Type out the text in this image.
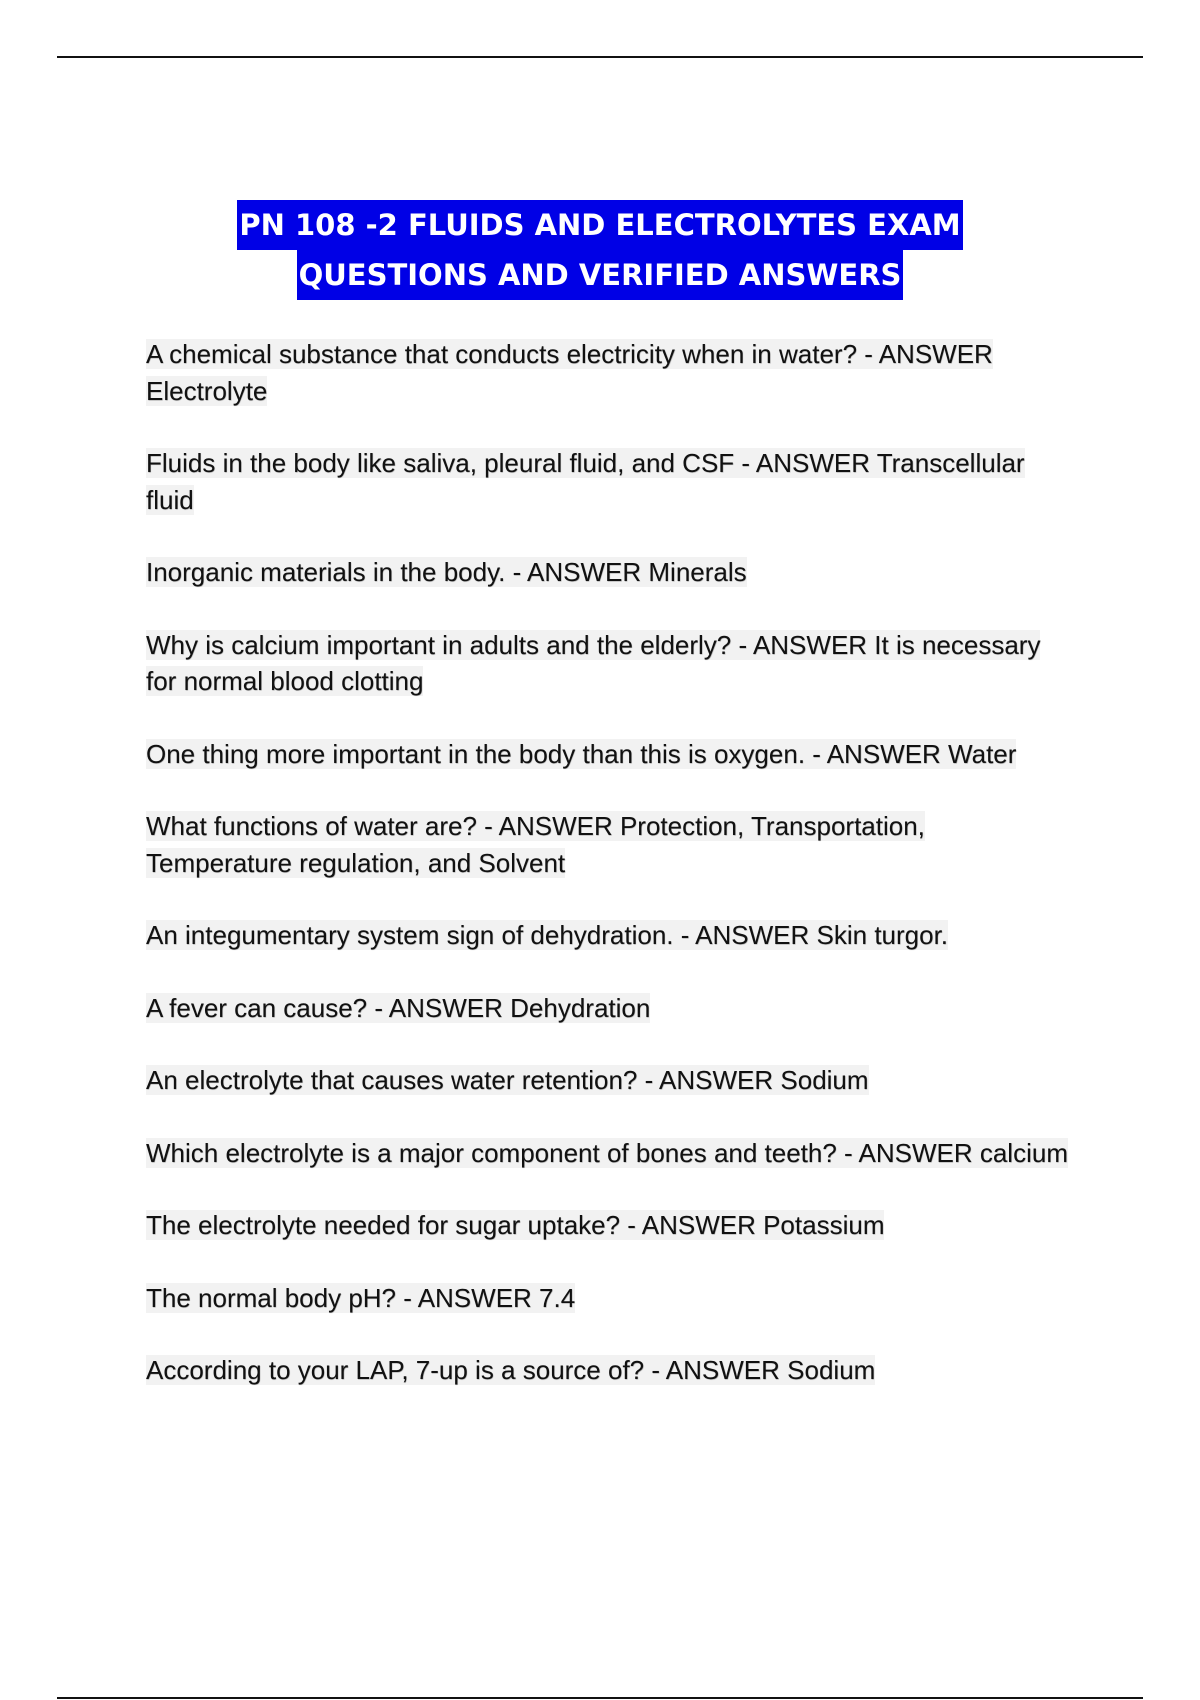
PN 108 -2 FLUIDS AND ELECTROLYTES EXAM
QUESTIONS AND VERIFIED ANSWERS

A chemical substance that conducts electricity when in water? - ANSWER Electrolyte

Fluids in the body like saliva, pleural fluid, and CSF - ANSWER Transcellular fluid

Inorganic materials in the body. - ANSWER Minerals

Why is calcium important in adults and the elderly? - ANSWER It is necessary for normal blood clotting

One thing more important in the body than this is oxygen. - ANSWER Water

What functions of water are? - ANSWER Protection, Transportation, Temperature regulation, and Solvent

An integumentary system sign of dehydration. - ANSWER Skin turgor.

A fever can cause? - ANSWER Dehydration

An electrolyte that causes water retention? - ANSWER Sodium

Which electrolyte is a major component of bones and teeth? - ANSWER calcium

The electrolyte needed for sugar uptake? - ANSWER Potassium

The normal body pH? - ANSWER 7.4

According to your LAP, 7-up is a source of? - ANSWER Sodium
